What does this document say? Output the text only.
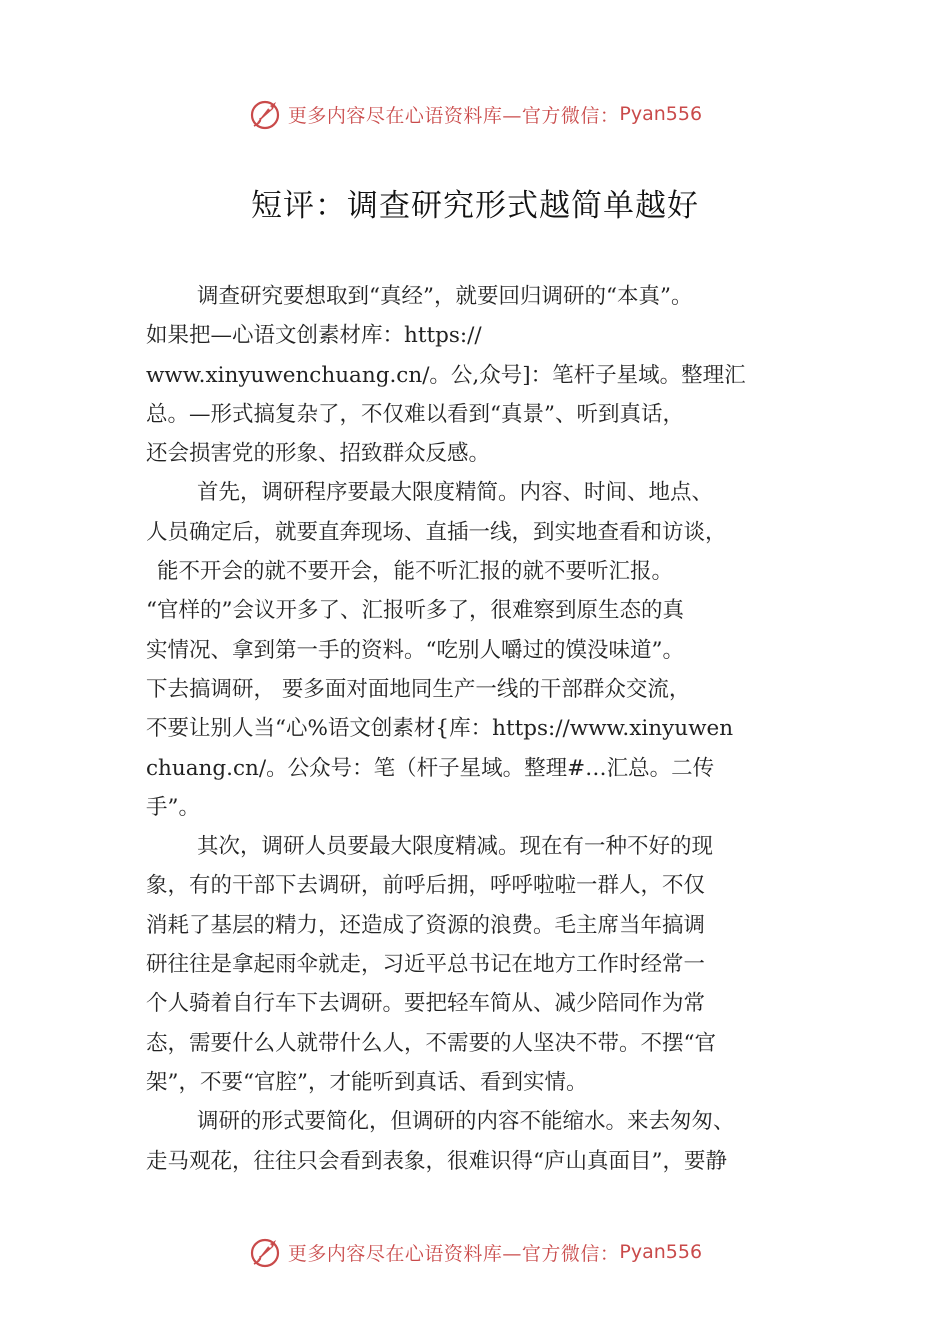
更多内容尽在心语资料库—官方微信： Pyan556
短评：调查研究形式越简单越好
调查研究要想取到“真经”，就要回归调研的“本真”。
如果把—心语文创素材库：https://
www.xinyuwenchuang.cn/。公,众号]：笔杆子星域。整理汇
总。—形式搞复杂了，不仅难以看到“真景”、听到真话，
还会损害党的形象、招致群众反感。
首先，调研程序要最大限度精简。内容、时间、地点、
人员确定后，就要直奔现场、直插一线，到实地查看和访谈，
能不开会的就不要开会，能不听汇报的就不要听汇报。
“官样的”会议开多了、汇报听多了，很难察到原生态的真
实情况、拿到第一手的资料。“吃别人嚼过的馍没味道”。
下去搞调研， 要多面对面地同生产一线的干部群众交流，
不要让别人当“心%语文创素材{库：https://www.xinyuwen
chuang.cn/。公众号：笔（杆子星域。整理#…汇总。二传
手”。
其次，调研人员要最大限度精减。现在有一种不好的现
象，有的干部下去调研，前呼后拥，呼呼啦啦一群人，不仅
消耗了基层的精力，还造成了资源的浪费。毛主席当年搞调
研往往是拿起雨伞就走，习近平总书记在地方工作时经常一
个人骑着自行车下去调研。要把轻车简从、减少陪同作为常
态，需要什么人就带什么人，不需要的人坚决不带。不摆“官
架”，不要“官腔”，才能听到真话、看到实情。
调研的形式要简化，但调研的内容不能缩水。来去匆匆、
走马观花，往往只会看到表象，很难识得“庐山真面目”，要静
更多内容尽在心语资料库—官方微信： Pyan556
